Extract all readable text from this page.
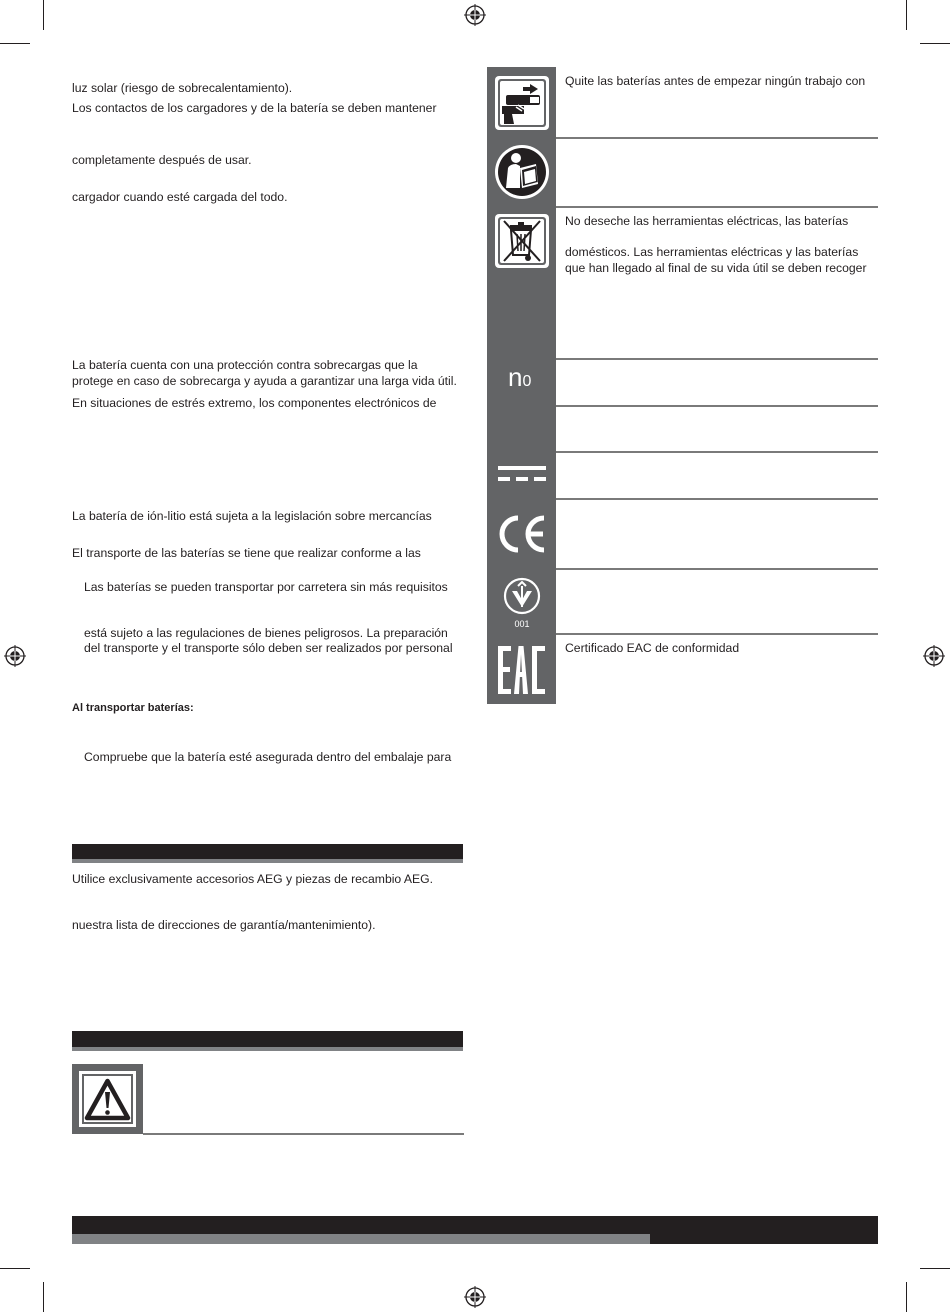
luz solar (riesgo de sobrecalentamiento).

Los contactos de los cargadores y de la batería se deben mantener

completamente después de usar.

cargador cuando esté cargada del todo.

La batería cuenta con una protección contra sobrecargas que la

protege en caso de sobrecarga y ayuda a garantizar una larga vida útil.

En situaciones de estrés extremo, los componentes electrónicos de

La batería de ión-litio está sujeta a la legislación sobre mercancías

El transporte de las baterías se tiene que realizar conforme a las

Las baterías se pueden transportar por carretera sin más requisitos

está sujeto a las regulaciones de bienes peligrosos. La preparación

del transporte y el transporte sólo deben ser realizados por personal

Al transportar baterías:

Compruebe que la batería esté asegurada dentro del embalaje para

Utilice exclusivamente accesorios AEG y piezas de recambio AEG.

nuestra lista de direcciones de garantía/mantenimiento).

Quite las baterías antes de empezar ningún trabajo con
No deseche las herramientas eléctricas, las baterías
domésticos. Las herramientas eléctricas y las baterías
que han llegado al final de su vida útil se deben recoger
n0
001
Certificado EAC de conformidad
